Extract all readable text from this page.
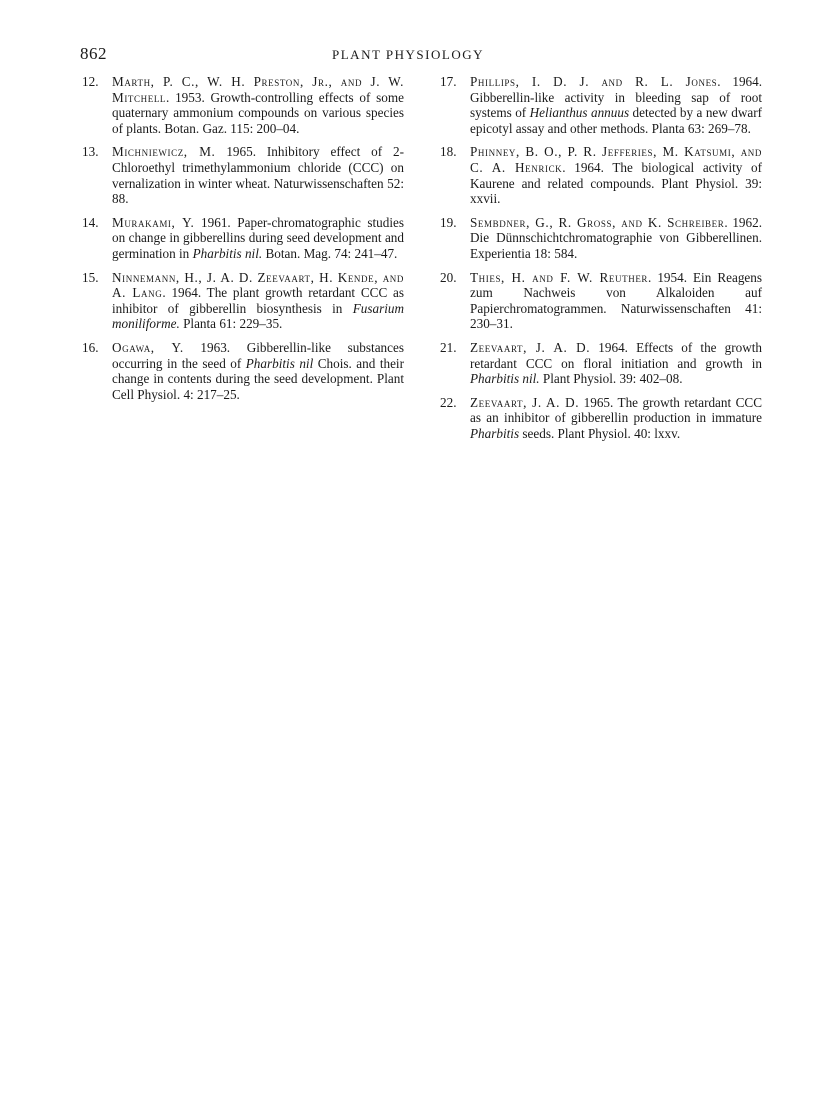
862	PLANT PHYSIOLOGY
12. Marth, P. C., W. H. Preston, Jr., and J. W. Mitchell. 1953. Growth-controlling effects of some quaternary ammonium compounds on various species of plants. Botan. Gaz. 115: 200–04.
13. Michniewicz, M. 1965. Inhibitory effect of 2-Chloroethyl trimethylammonium chloride (CCC) on vernalization in winter wheat. Naturwissenschaften 52: 88.
14. Murakami, Y. 1961. Paper-chromatographic studies on change in gibberellins during seed development and germination in Pharbitis nil. Botan. Mag. 74: 241–47.
15. Ninnemann, H., J. A. D. Zeevaart, H. Kende, and A. Lang. 1964. The plant growth retardant CCC as inhibitor of gibberellin biosynthesis in Fusarium moniliforme. Planta 61: 229–35.
16. Ogawa, Y. 1963. Gibberellin-like substances occurring in the seed of Pharbitis nil Chois. and their change in contents during the seed development. Plant Cell Physiol. 4: 217–25.
17. Phillips, I. D. J. and R. L. Jones. 1964. Gibberellin-like activity in bleeding sap of root systems of Helianthus annuus detected by a new dwarf epicotyl assay and other methods. Planta 63: 269–78.
18. Phinney, B. O., P. R. Jefferies, M. Katsumi, and C. A. Henrick. 1964. The biological activity of Kaurene and related compounds. Plant Physiol. 39: xxvii.
19. Sembdner, G., R. Gross, and K. Schreiber. 1962. Die Dünnschichtchromatographie von Gibberellinen. Experientia 18: 584.
20. Thies, H. and F. W. Reuther. 1954. Ein Reagens zum Nachweis von Alkaloiden auf Papierchromatogrammen. Naturwissenschaften 41: 230–31.
21. Zeevaart, J. A. D. 1964. Effects of the growth retardant CCC on floral initiation and growth in Pharbitis nil. Plant Physiol. 39: 402–08.
22. Zeevaart, J. A. D. 1965. The growth retardant CCC as an inhibitor of gibberellin production in immature Pharbitis seeds. Plant Physiol. 40: lxxv.
